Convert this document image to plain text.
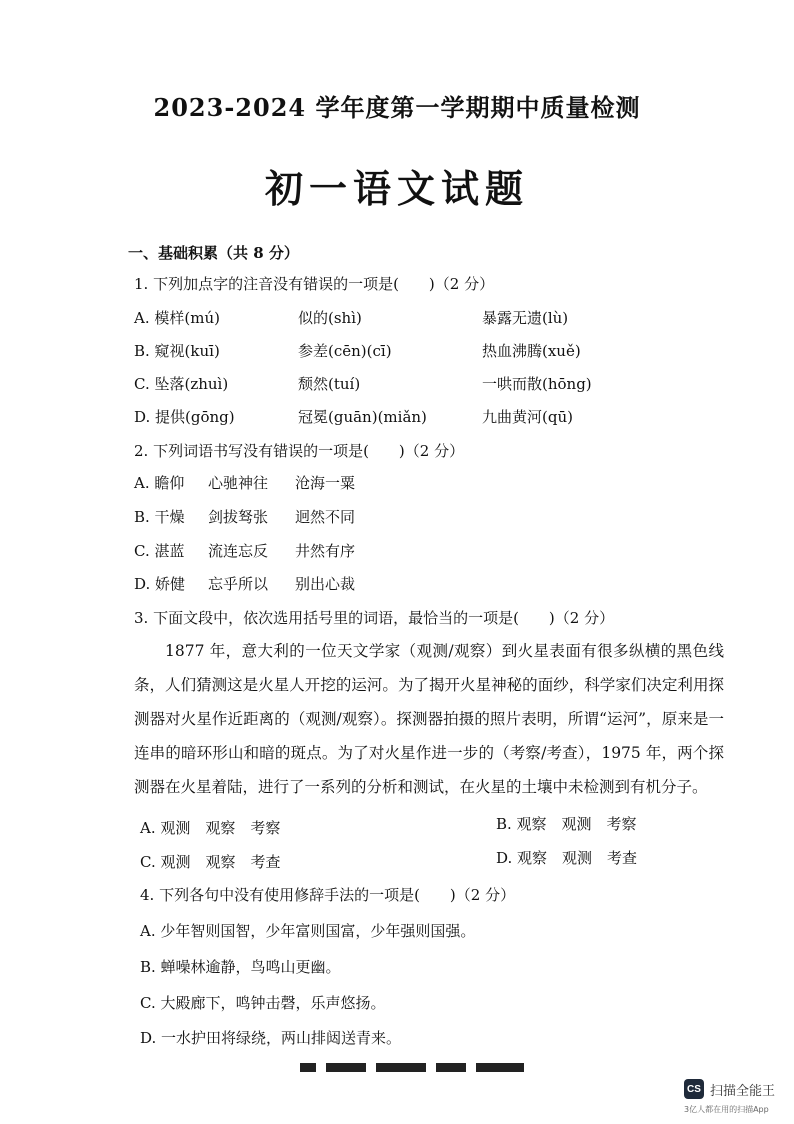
2023-2024 学年度第一学期期中质量检测
初一语文试题
一、基础积累（共 8 分）
1. 下列加点字的注音没有错误的一项是(　　)（2 分）
A. 模样(mú)	似的(shì)	暴露无遗(lù)
B. 窥视(kuī)	参差(cēn)(cī)	热血沸腾(xuě)
C. 坠落(zhuì)	颓然(tuí)	一哄而散(hōng)
D. 提供(gōng)	冠冕(guān)(miǎn)	九曲黄河(qū)
2. 下列词语书写没有错误的一项是(　　)（2 分）
A. 瞻仰 心驰神往 沧海一粟
B. 干燥 剑拔驽张 迥然不同
C. 湛蓝 流连忘反 井然有序
D. 娇健 忘乎所以 别出心裁
3. 下面文段中，依次选用括号里的词语，最恰当的一项是(　　)（2 分）

1877 年，意大利的一位天文学家（观测/观察）到火星表面有很多纵横的黑色线条，人们猜测这是火星人开挖的运河。为了揭开火星神秘的面纱，科学家们决定利用探测器对火星作近距离的（观测/观察）。探测器拍摄的照片表明，所谓“运河”，原来是一连串的暗环形山和暗的斑点。为了对火星作进一步的（考察/考查），1975 年，两个探测器在火星着陆，进行了一系列的分析和测试，在火星的土壤中未检测到有机分子。

A. 观测　观察　考察	B. 观察　观测　考察
C. 观测　观察　考查	D. 观察　观测　考查
4. 下列各句中没有使用修辞手法的一项是(　　)（2 分）
A. 少年智则国智，少年富则国富，少年强则国强。
B. 蝉噪林逾静，鸟鸣山更幽。
C. 大殿廊下，鸣钟击磬，乐声悠扬。
D. 一水护田将绿绕，两山排闼送青来。
CS 扫描全能王
3亿人都在用的扫描App
